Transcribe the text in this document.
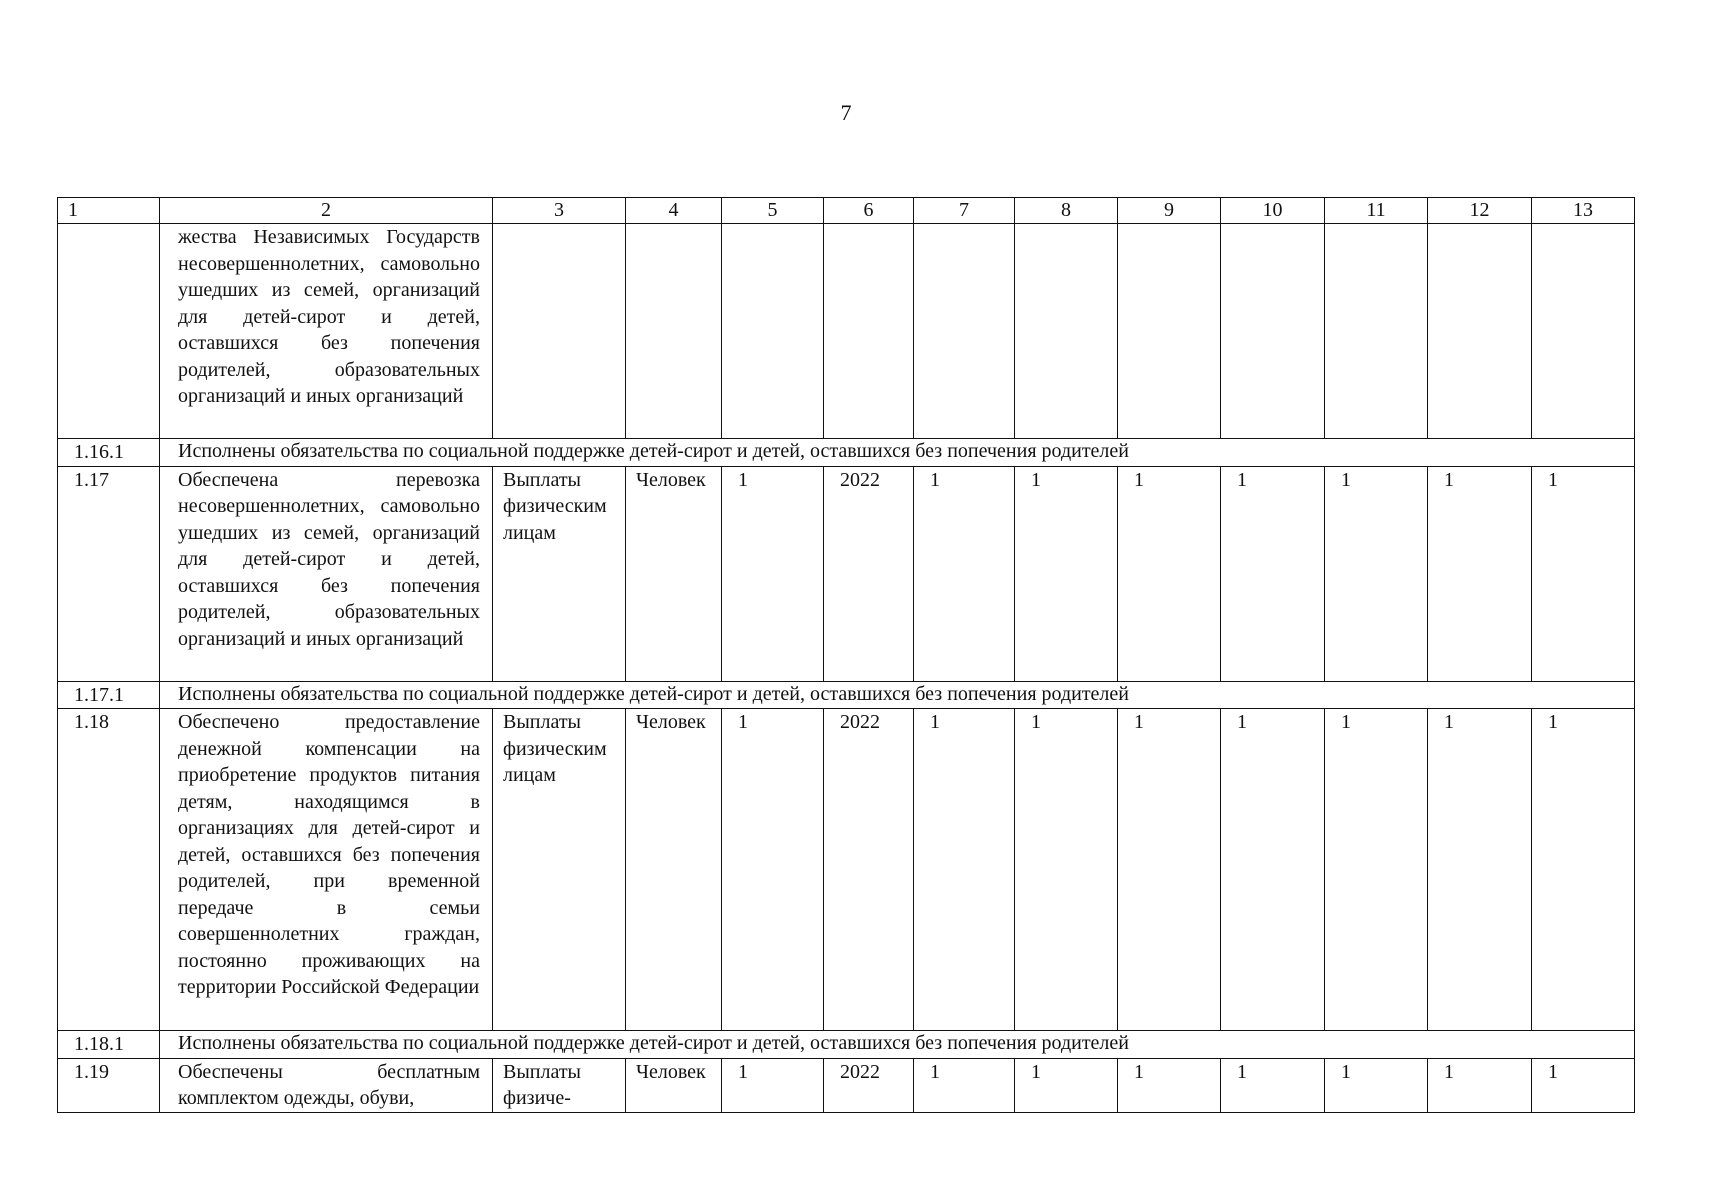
7
1	2	3	4	5	6	7	8	9	10	11	12	13
	жества Независимых Государств несовершеннолетних, самовольно ушедших из семей, организаций для детей-сирот и детей, оставшихся без попечения родителей, образовательных организаций и иных организаций											
1.16.1	Исполнены обязательства по социальной поддержке детей-сирот и детей, оставшихся без попечения родителей											
1.17	Обеспечена перевозка несовершеннолетних, самовольно ушедших из семей, организаций для детей-сирот и детей, оставшихся без попечения родителей, образовательных организаций и иных организаций	Выплаты физическим лицам	Человек	1	2022	1	1	1	1	1	1	1
1.17.1	Исполнены обязательства по социальной поддержке детей-сирот и детей, оставшихся без попечения родителей											
1.18	Обеспечено предоставление денежной компенсации на приобретение продуктов питания детям, находящимся в организациях для детей-сирот и детей, оставшихся без попечения родителей, при временной передаче в семьи совершеннолетних граждан, постоянно проживающих на территории Российской Федерации	Выплаты физическим лицам	Человек	1	2022	1	1	1	1	1	1	1
1.18.1	Исполнены обязательства по социальной поддержке детей-сирот и детей, оставшихся без попечения родителей											
1.19	Обеспечены бесплатным комплектом одежды, обуви,	Выплаты физиче-	Человек	1	2022	1	1	1	1	1	1	1
